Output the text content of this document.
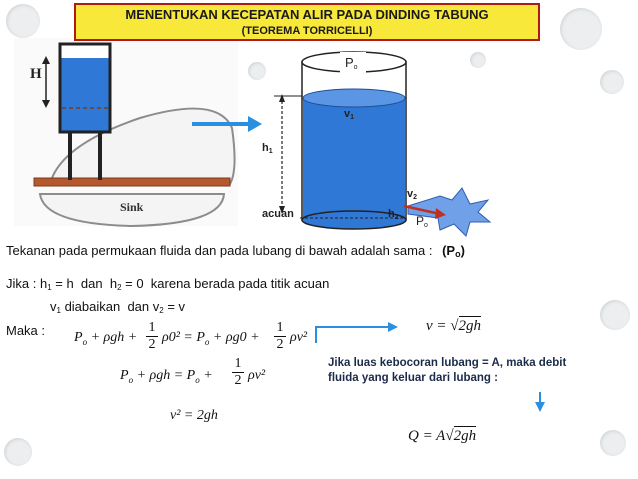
MENENTUKAN KECEPATAN ALIR PADA DINDING TABUNG
(TEOREMA TORRICELLI)
H
Sink
$P_o$
$v_1$
$h_1$
acuan
$v_2$
$h_2$ $P_o$
Tekanan pada permukaan fluida dan pada lubang di bawah adalah sama : $(P_o)$
Jika : $h_1 = h$  dan  $h_2 = 0$  karena berada pada titik acuan
$v_1$ diabaikan  dan $v_2 = v$
Maka : $P_o + \rho gh + \frac{1}{2} \rho 0^2 = P_o + \rho g0 + \frac{1}{2} \rho v^2$
$P_o + \rho gh = P_o + \frac{1}{2} \rho v^2$
v² = 2gh
v = √2gh
Jika luas kebocoran lubang = A, maka debit
fluida yang keluar dari lubang :
Q = A√2gh
